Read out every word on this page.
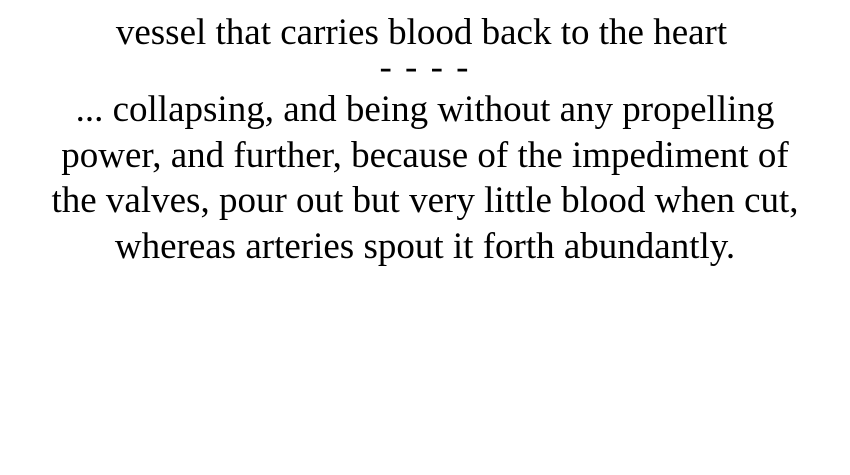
vessel that carries blood back to the heart
- - - -
... collapsing, and being without any propelling power, and further, because of the impediment of the valves, pour out but very little blood when cut, whereas arteries spout it forth abundantly.
